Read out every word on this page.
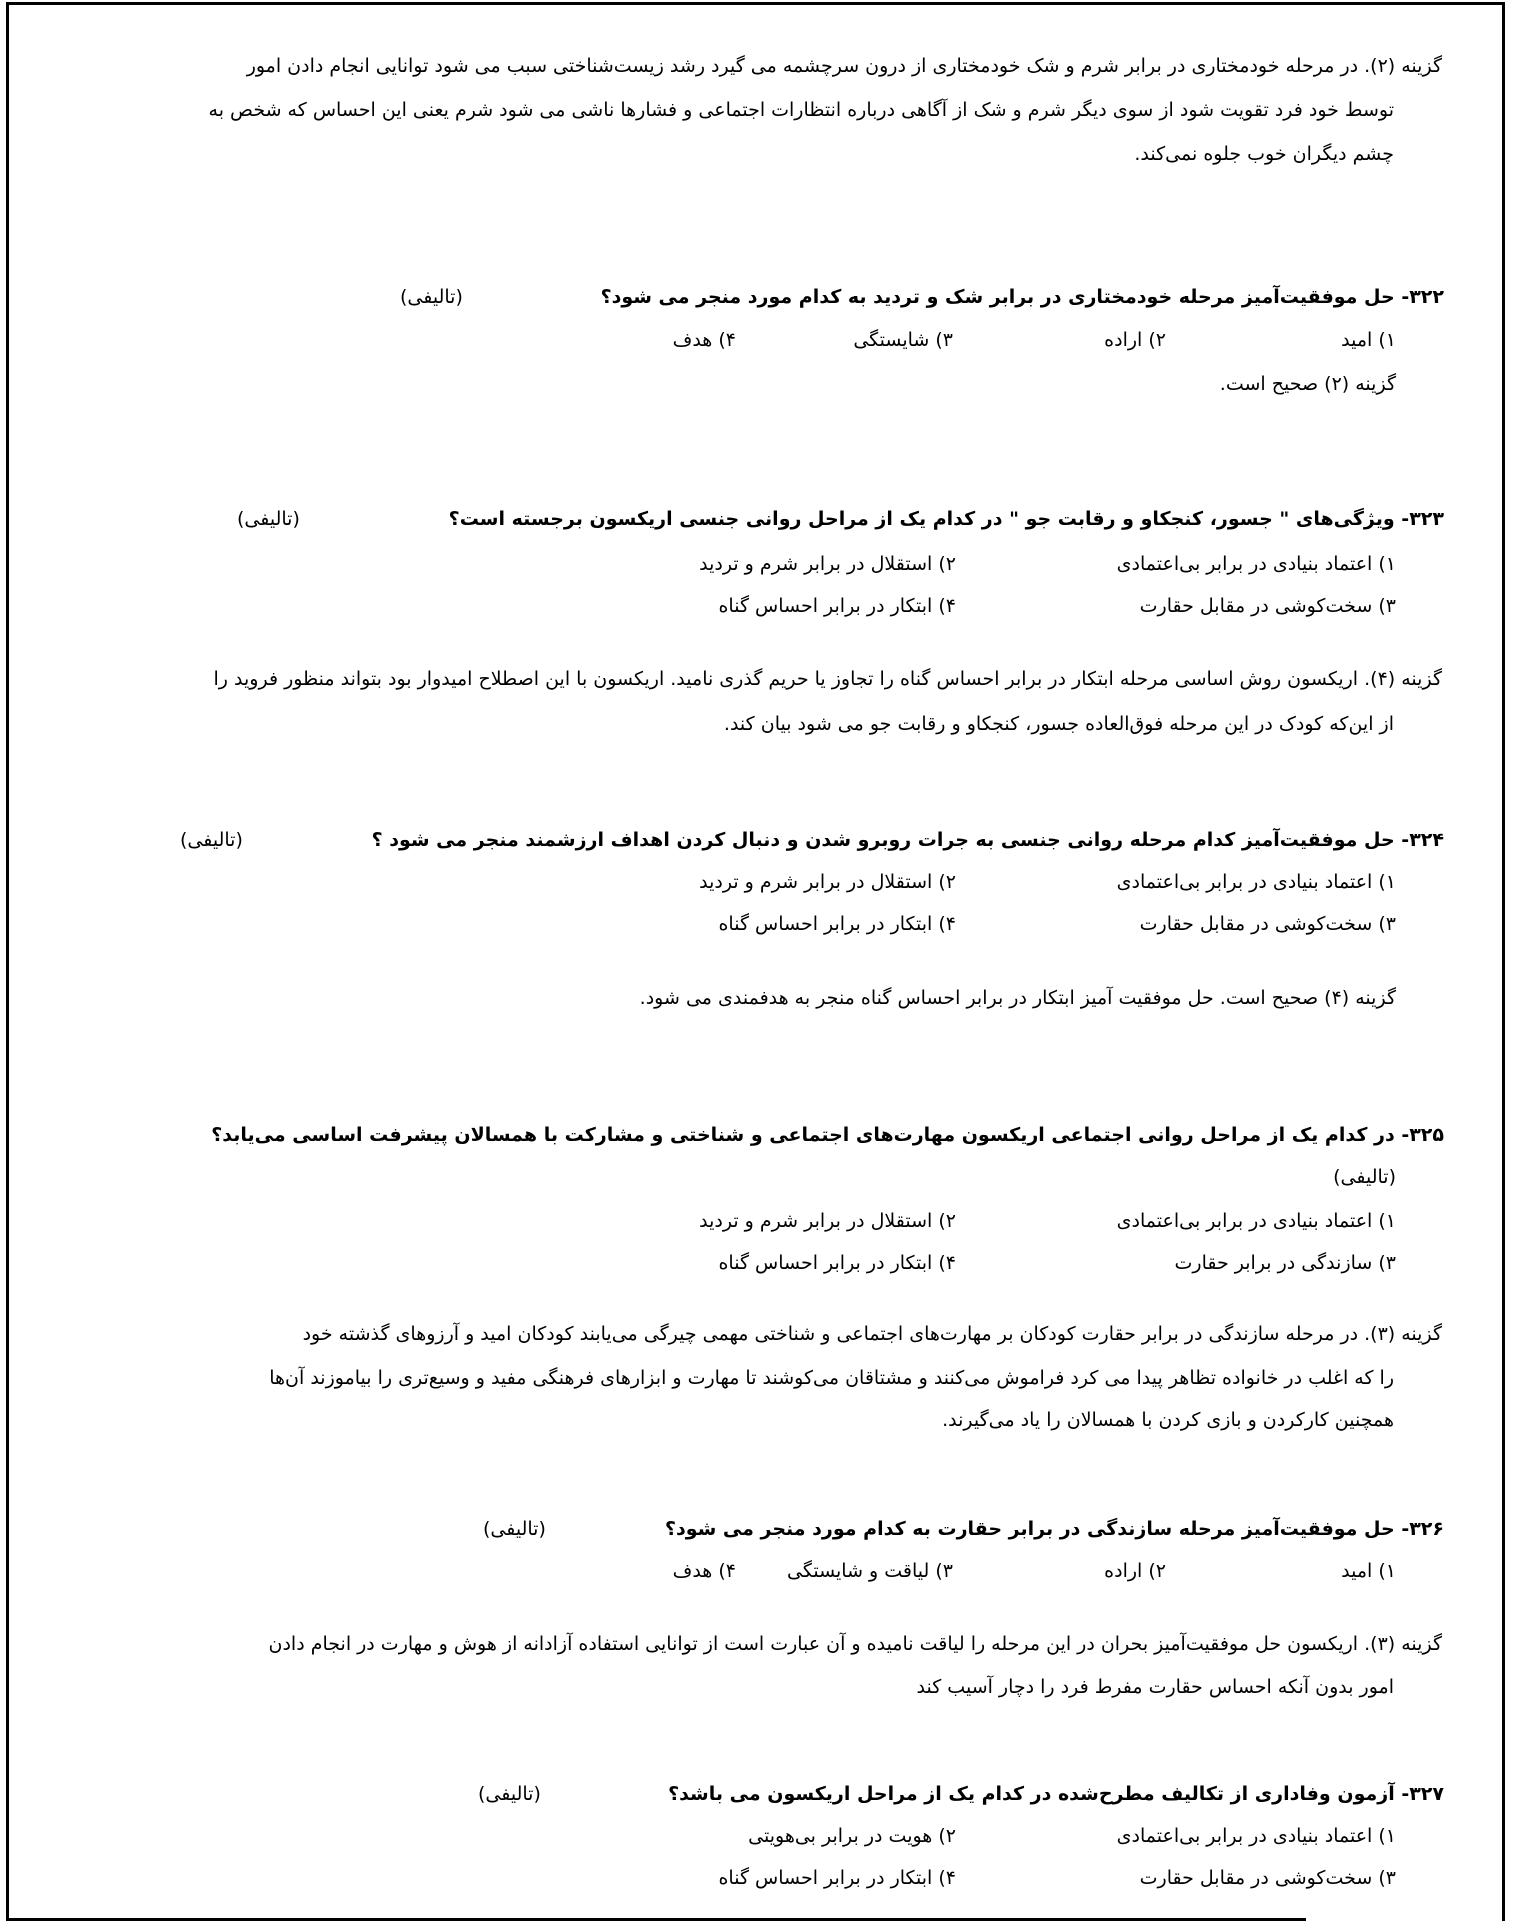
گزینه (۲). در مرحله خودمختاری در برابر شرم و شک خودمختاری از درون سرچشمه می گیرد رشد زیست‌شناختی سبب می شود توانایی انجام دادن امور
توسط خود فرد تقویت شود از سوی دیگر شرم و شک از آگاهی درباره انتظارات اجتماعی و فشارها ناشی می شود شرم یعنی این احساس که شخص به
چشم دیگران خوب جلوه نمی‌کند.
۳۲۲- حل موفقیت‌آمیز مرحله خودمختاری در برابر شک و تردید به کدام مورد منجر می شود؟
(تالیفی)
۱) امید
۲) اراده
۳) شایستگی
۴) هدف
گزینه (۲) صحیح است.
۳۲۳- ویژگی‌های " جسور، کنجکاو و رقابت جو " در کدام یک از مراحل روانی جنسی اریکسون برجسته است؟
(تالیفی)
۱) اعتماد بنیادی در برابر بی‌اعتمادی
۲) استقلال در برابر شرم و تردید
۳) سخت‌کوشی در مقابل حقارت
۴) ابتکار در برابر احساس گناه
گزینه (۴). اریکسون روش اساسی مرحله ابتکار در برابر احساس گناه را تجاوز یا حریم گذری نامید. اریکسون با این اصطلاح امیدوار بود بتواند منظور فروید را
از این‌که کودک در این مرحله فوق‌العاده جسور، کنجکاو و رقابت جو می شود بیان کند.
۳۲۴- حل موفقیت‌آمیز کدام مرحله روانی جنسی به جرات روبرو شدن و دنبال کردن اهداف ارزشمند منجر می شود ؟
(تالیفی)
۱) اعتماد بنیادی در برابر بی‌اعتمادی
۲) استقلال در برابر شرم و تردید
۳) سخت‌کوشی در مقابل حقارت
۴) ابتکار در برابر احساس گناه
گزینه (۴) صحیح است. حل موفقیت آمیز ابتکار در برابر احساس گناه منجر به هدفمندی می شود.
۳۲۵- در کدام یک از مراحل روانی اجتماعی اریکسون مهارت‌های اجتماعی و شناختی و مشارکت با همسالان پیشرفت اساسی می‌یابد؟
(تالیفی)
۱) اعتماد بنیادی در برابر بی‌اعتمادی
۲) استقلال در برابر شرم و تردید
۳) سازندگی در برابر حقارت
۴) ابتکار در برابر احساس گناه
گزینه (۳). در مرحله سازندگی در برابر حقارت کودکان بر مهارت‌های اجتماعی و شناختی مهمی چیرگی می‌یابند کودکان امید و آرزوهای گذشته خود
را که اغلب در خانواده تظاهر پیدا می کرد فراموش می‌کنند و مشتاقان می‌کوشند تا مهارت و ابزارهای فرهنگی مفید و وسیع‌تری را بیاموزند آن‌ها
همچنین کارکردن و بازی کردن با همسالان را یاد می‌گیرند.
۳۲۶- حل موفقیت‌آمیز مرحله سازندگی در برابر حقارت به کدام مورد منجر می شود؟
(تالیفی)
۱) امید
۲) اراده
۳) لیاقت و شایستگی
۴) هدف
گزینه (۳). اریکسون حل موفقیت‌آمیز بحران در این مرحله را لیاقت نامیده و آن عبارت است از توانایی استفاده آزادانه از هوش و مهارت در انجام دادن
امور بدون آنکه احساس حقارت مفرط فرد را دچار آسیب کند
۳۲۷- آزمون وفاداری از تکالیف مطرح‌شده در کدام یک از مراحل اریکسون می باشد؟
(تالیفی)
۱) اعتماد بنیادی در برابر بی‌اعتمادی
۲) هویت در برابر بی‌هویتی
۳) سخت‌کوشی در مقابل حقارت
۴) ابتکار در برابر احساس گناه
